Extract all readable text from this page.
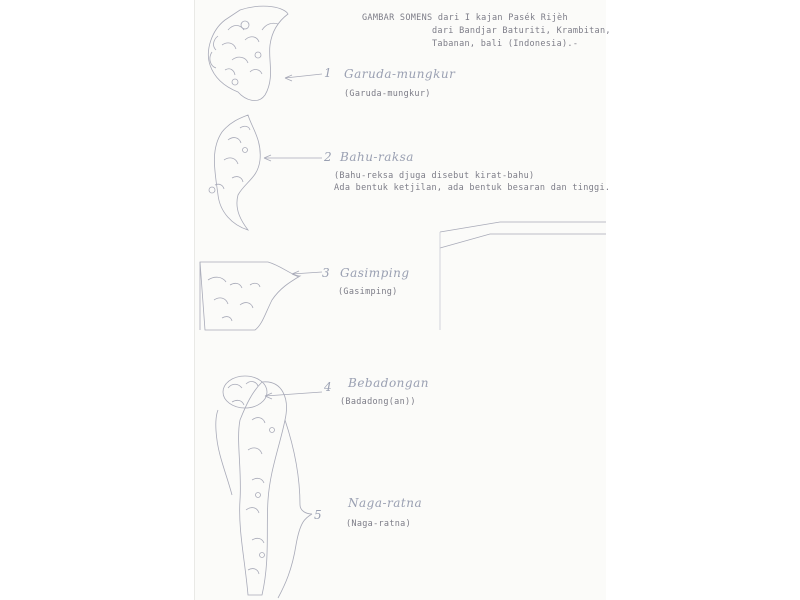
GAMBAR SOMENS dari I kajan Pasék Rijèh
dari Bandjar Baturiti, Krambitan,
Tabanan, bali (Indonesia).-
1 Garuda-mungkur
(Garuda-mungkur)
2 Bahu-raksa
(Bahu-reksa djuga disebut kirat-bahu)
Ada bentuk ketjilan, ada bentuk besaran dan tinggi.
3 Gasimping
(Gasimping)
4 Bebadongan
(Badadong(an))
5
Naga-ratna
(Naga-ratna)
